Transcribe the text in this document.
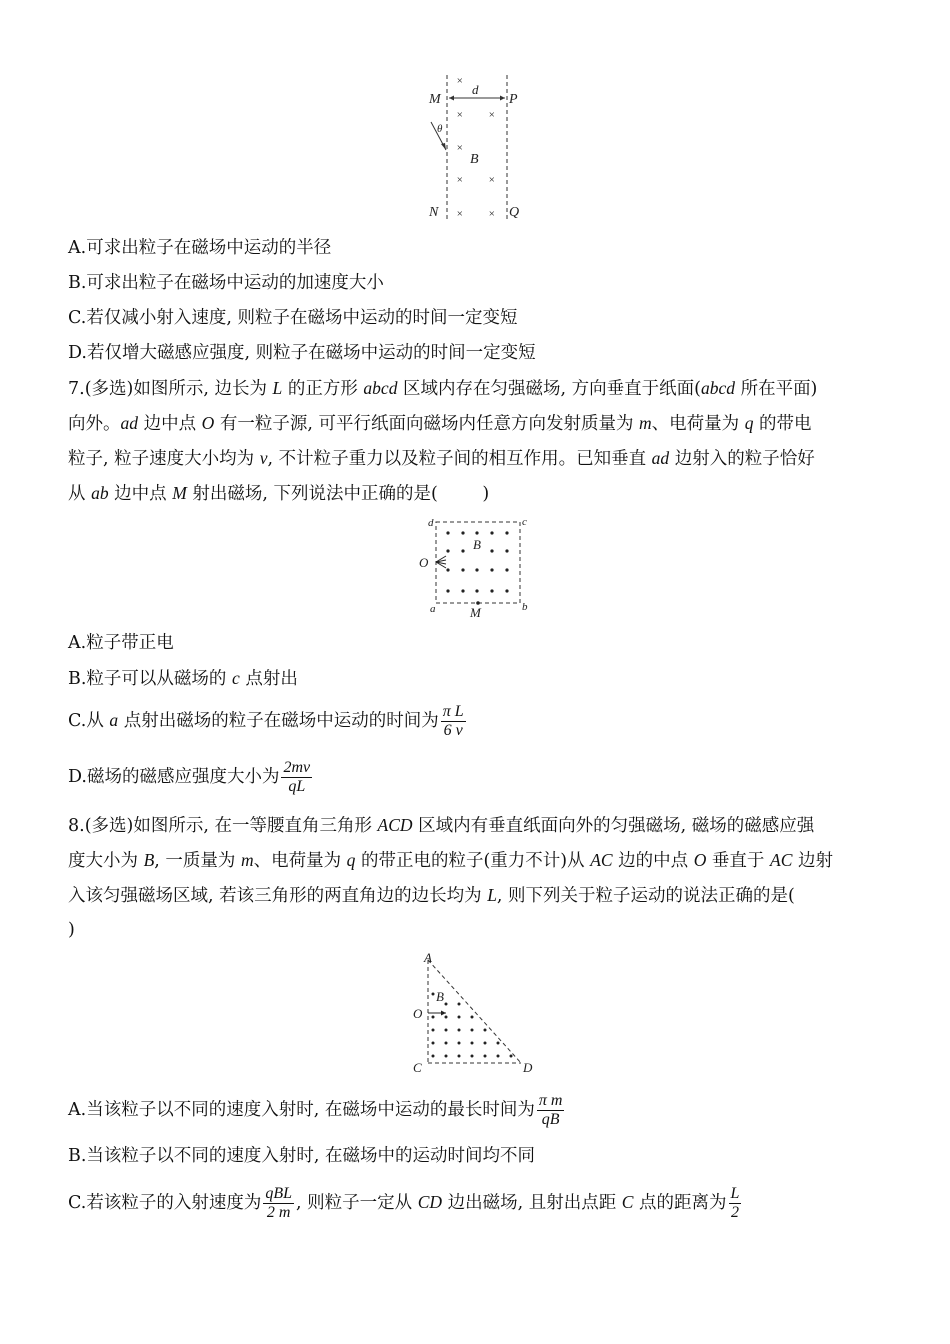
×
× ×
×
× ×
× ×
M	P
d
B
θ
N	Q
A.可求出粒子在磁场中运动的半径
B.可求出粒子在磁场中运动的加速度大小
C.若仅减小射入速度, 则粒子在磁场中运动的时间一定变短
D.若仅增大磁感应强度, 则粒子在磁场中运动的时间一定变短
7.(多选)如图所示, 边长为 L 的正方形 abcd 区域内存在匀强磁场, 方向垂直于纸面(abcd 所在平面)
向外。ad 边中点 O 有一粒子源, 可平行纸面向磁场内任意方向发射质量为 m、电荷量为 q 的带电
粒子, 粒子速度大小均为 v, 不计粒子重力以及粒子间的相互作用。已知垂直 ad 边射入的粒子恰好
从 ab 边中点 M 射出磁场, 下列说法中正确的是(	)
d	c
O
B
a	b
M
A.粒子带正电
B.粒子可以从磁场的 c 点射出
C.从 a 点射出磁场的粒子在磁场中运动的时间为 $\frac{\text{π L}}{6 v}$
D.磁场的磁感应强度大小为 $\frac{2mv}{qL}$
8.(多选)如图所示, 在一等腰直角三角形 ACD 区域内有垂直纸面向外的匀强磁场, 磁场的磁感应强
度大小为 B, 一质量为 m、电荷量为 q 的带正电的粒子(重力不计)从 AC 边的中点 O 垂直于 AC 边射
入该匀强磁场区域, 若该三角形的两直角边的边长均为 L, 则下列关于粒子运动的说法正确的是(
)
A
B
O
C	D
A.当该粒子以不同的速度入射时, 在磁场中运动的最长时间为 $\frac{\text{π m}}{qB}$
B.当该粒子以不同的速度入射时, 在磁场中的运动时间均不同
C.若该粒子的入射速度为 $\frac{\text{qBL}}{2 m}$ , 则粒子一定从 CD 边出磁场, 且射出点距 C 点的距离为 $\frac{L}{2}$
